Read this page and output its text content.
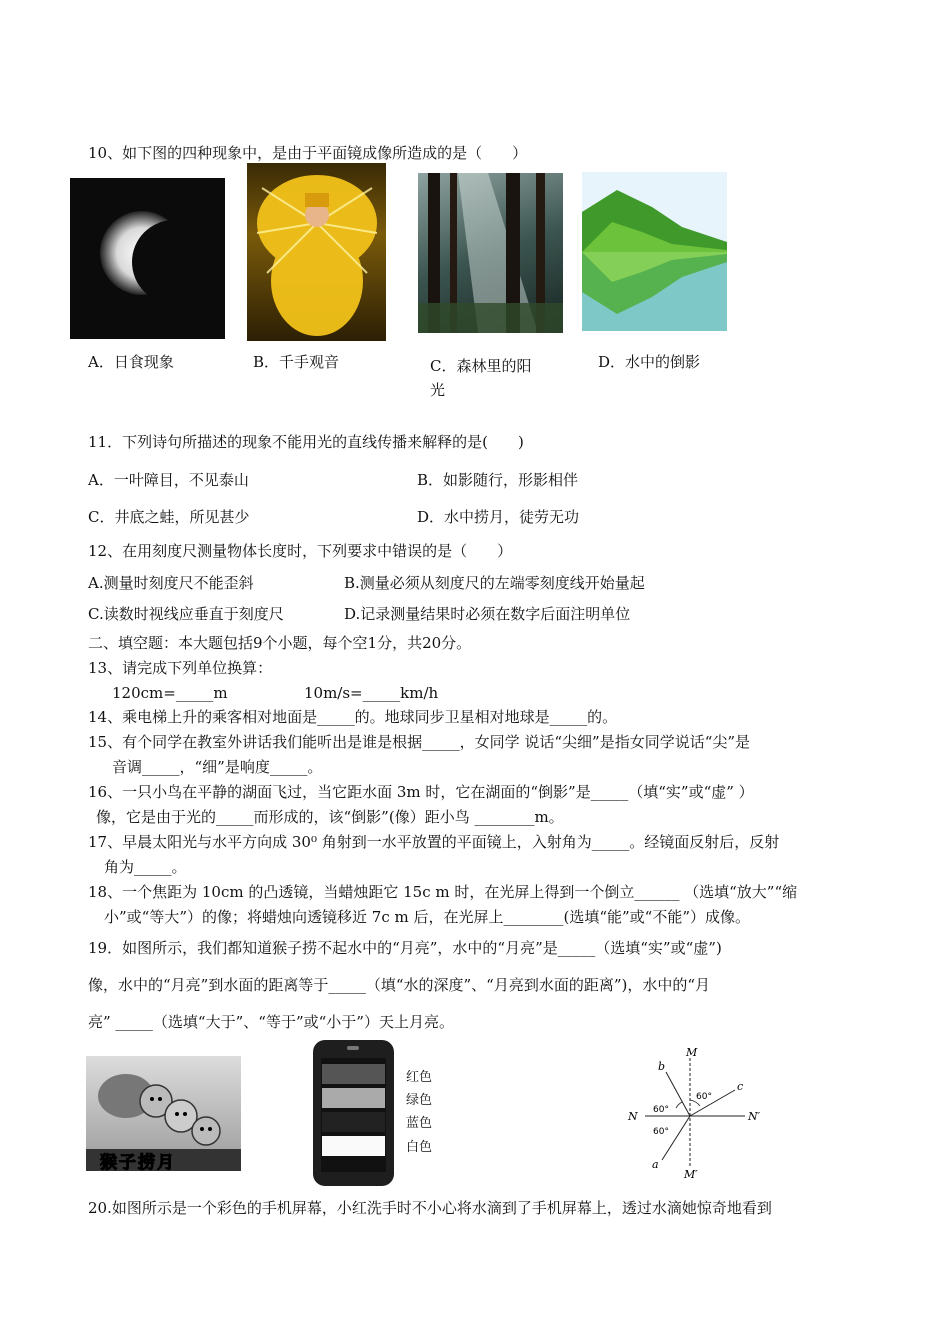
10、如下图的四种现象中，是由于平面镜成像所造成的是（　　）
A．日食现象	B．千手观音	C．森林里的阳
光
D．水中的倒影
11．下列诗句所描述的现象不能用光的直线传播来解释的是(　　)
A．一叶障目，不见泰山	B．如影随行，形影相伴
C．井底之蛙，所见甚少	D．水中捞月，徒劳无功
12、在用刻度尺测量物体长度时，下列要求中错误的是（　　）
A.测量时刻度尺不能歪斜	B.测量必须从刻度尺的左端零刻度线开始量起
C.读数时视线应垂直于刻度尺	D.记录测量结果时必须在数字后面注明单位
二、填空题：本大题包括9个小题，每个空1分，共20分。
13、请完成下列单位换算：
120cm=_____m	10m/s=_____km/h
14、乘电梯上升的乘客相对地面是_____的。地球同步卫星相对地球是_____的。
15、有个同学在教室外讲话我们能听出是谁是根据_____，女同学 说话“尖细”是指女同学说话“尖”是
音调_____，“细”是响度_____。
16、一只小鸟在平静的湖面飞过，当它距水面 3m 时，它在湖面的“倒影”是_____（填“实”或“虚” ）
像，它是由于光的_____而形成的，该“倒影”(像）距小鸟 ________m。
17、早晨太阳光与水平方向成 30⁰ 角射到一水平放置的平面镜上，入射角为_____。经镜面反射后，反射
角为_____。
18、一个焦距为 10cm 的凸透镜，当蜡烛距它 15c m 时，在光屏上得到一个倒立______ （选填“放大”“缩
小”或“等大”）的像；将蜡烛向透镜移近 7c m 后，在光屏上________(选填“能”或“不能”）成像。
19．如图所示，我们都知道猴子捞不起水中的“月亮”，水中的“月亮”是_____（选填“实”或“虚”)
像，水中的“月亮”到水面的距离等于_____（填“水的深度”、“月亮到水面的距离”)，水中的“月
亮” _____（选填“大于”、“等于”或“小于”）天上月亮。
猴子捞月
红色
绿色
蓝色
白色
M
M′
N	N′
b
c
a
60°
60°
60°
20.如图所示是一个彩色的手机屏幕，小红洗手时不小心将水滴到了手机屏幕上，透过水滴她惊奇地看到
